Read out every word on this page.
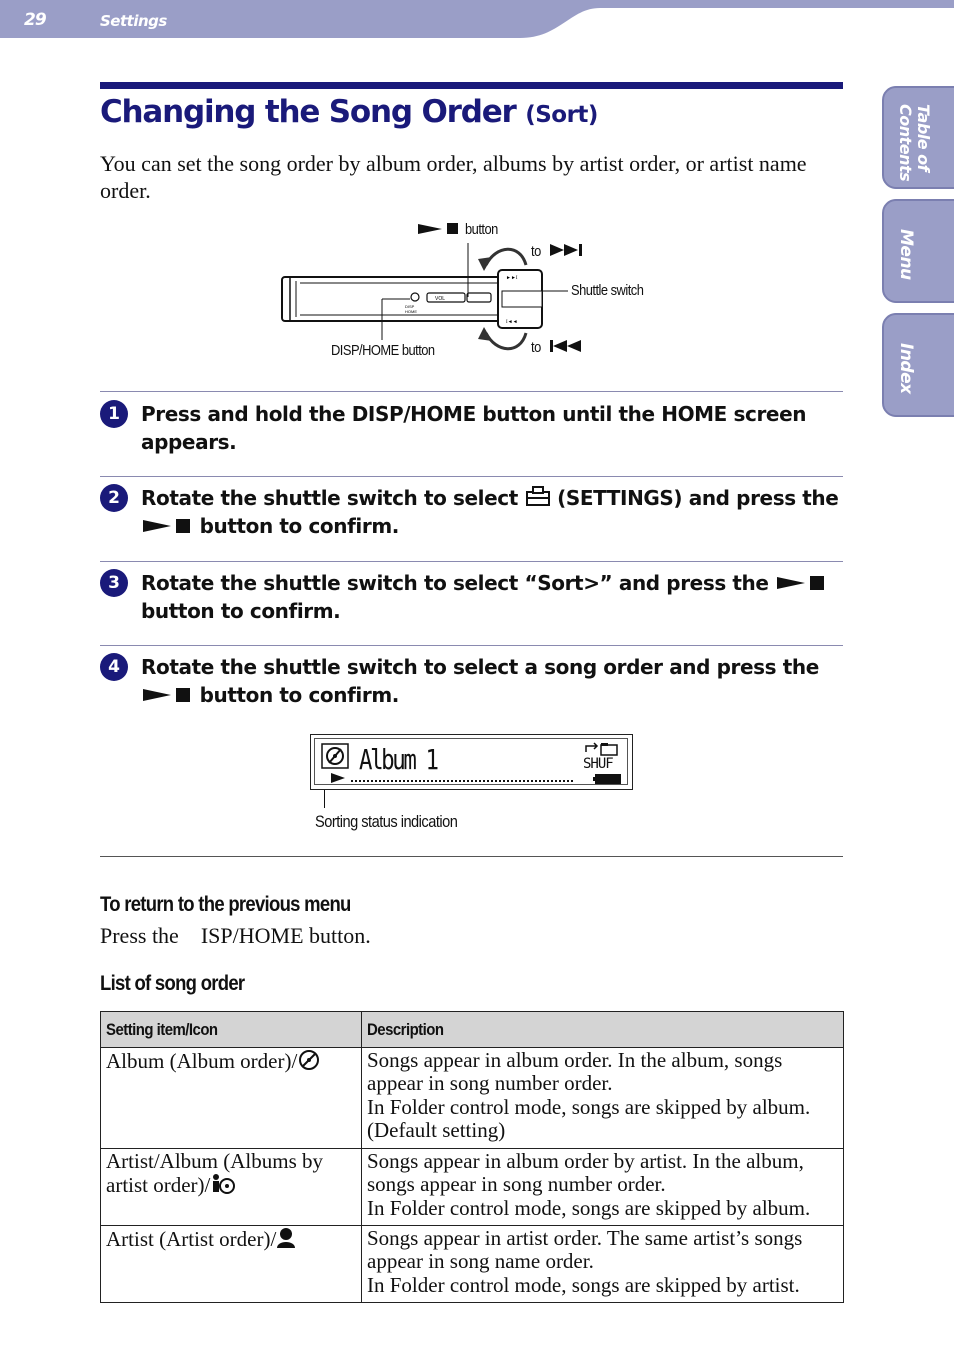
29	Settings
Table of Contents
Menu
Index
Changing the Song Order (Sort)
You can set the song order by album order, albums by artist order, or artist name order.
DISP
HOME
VOL
►►I
I◄◄
button
to
Shuttle switch
DISP/HOME button	to
1	Press and hold the DISP/HOME button until the HOME screen appears.
2	Rotate the shuttle switch to select (SETTINGS) and press the  button to confirm.
3	Rotate the shuttle switch to select “Sort>” and press the  button to confirm.
4	Rotate the shuttle switch to select a song order and press the  button to confirm.
Album 1	SHUF
Sorting status indication
To return to the previous menu
Press the    ISP/HOME button.
List of song order
Setting item/Icon	Description
Album (Album order)/	Songs appear in album order. In the album, songs appear in song number order.
In Folder control mode, songs are skipped by album.
(Default setting)

Artist/Album (Albums by artist order)/	Songs appear in album order by artist. In the album, songs appear in song number order.
In Folder control mode, songs are skipped by album.

Artist (Artist order)/	Songs appear in artist order. The same artist’s songs appear in song name order.
In Folder control mode, songs are skipped by artist.
